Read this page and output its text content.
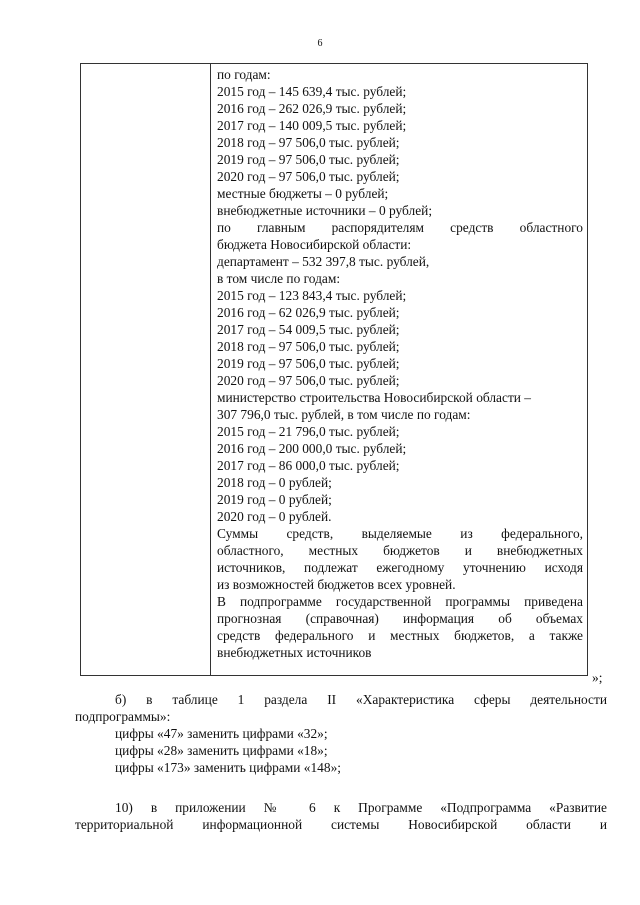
6
по годам:
2015 год – 145 639,4 тыс. рублей;
2016 год – 262 026,9 тыс. рублей;
2017 год – 140 009,5 тыс. рублей;
2018 год – 97 506,0 тыс. рублей;
2019 год – 97 506,0 тыс. рублей;
2020 год – 97 506,0 тыс. рублей;
местные бюджеты – 0 рублей;
внебюджетные источники – 0 рублей;
по главным распорядителям средств областного
бюджета Новосибирской области:
департамент – 532 397,8 тыс. рублей,
в том числе по годам:
2015 год – 123 843,4 тыс. рублей;
2016 год – 62 026,9 тыс. рублей;
2017 год – 54 009,5 тыс. рублей;
2018 год – 97 506,0 тыс. рублей;
2019 год – 97 506,0 тыс. рублей;
2020 год – 97 506,0 тыс. рублей;
министерство строительства Новосибирской области –
307 796,0 тыс. рублей, в том числе по годам:
2015 год – 21 796,0 тыс. рублей;
2016 год – 200 000,0 тыс. рублей;
2017 год – 86 000,0 тыс. рублей;
2018 год – 0 рублей;
2019 год – 0 рублей;
2020 год – 0 рублей.
Суммы средств, выделяемые из федерального,
областного, местных бюджетов и внебюджетных
источников, подлежат ежегодному уточнению исходя
из возможностей бюджетов всех уровней.
В подпрограмме государственной программы приведена
прогнозная (справочная) информация об объемах
средств федерального и местных бюджетов, а также
внебюджетных источников
»;
б) в таблице 1 раздела II «Характеристика сферы деятельности
подпрограммы»:
цифры «47» заменить цифрами «32»;
цифры «28» заменить цифрами «18»;
цифры «173» заменить цифрами «148»;
10) в приложении № 6 к Программе «Подпрограмма «Развитие
территориальной информационной системы Новосибирской области и
